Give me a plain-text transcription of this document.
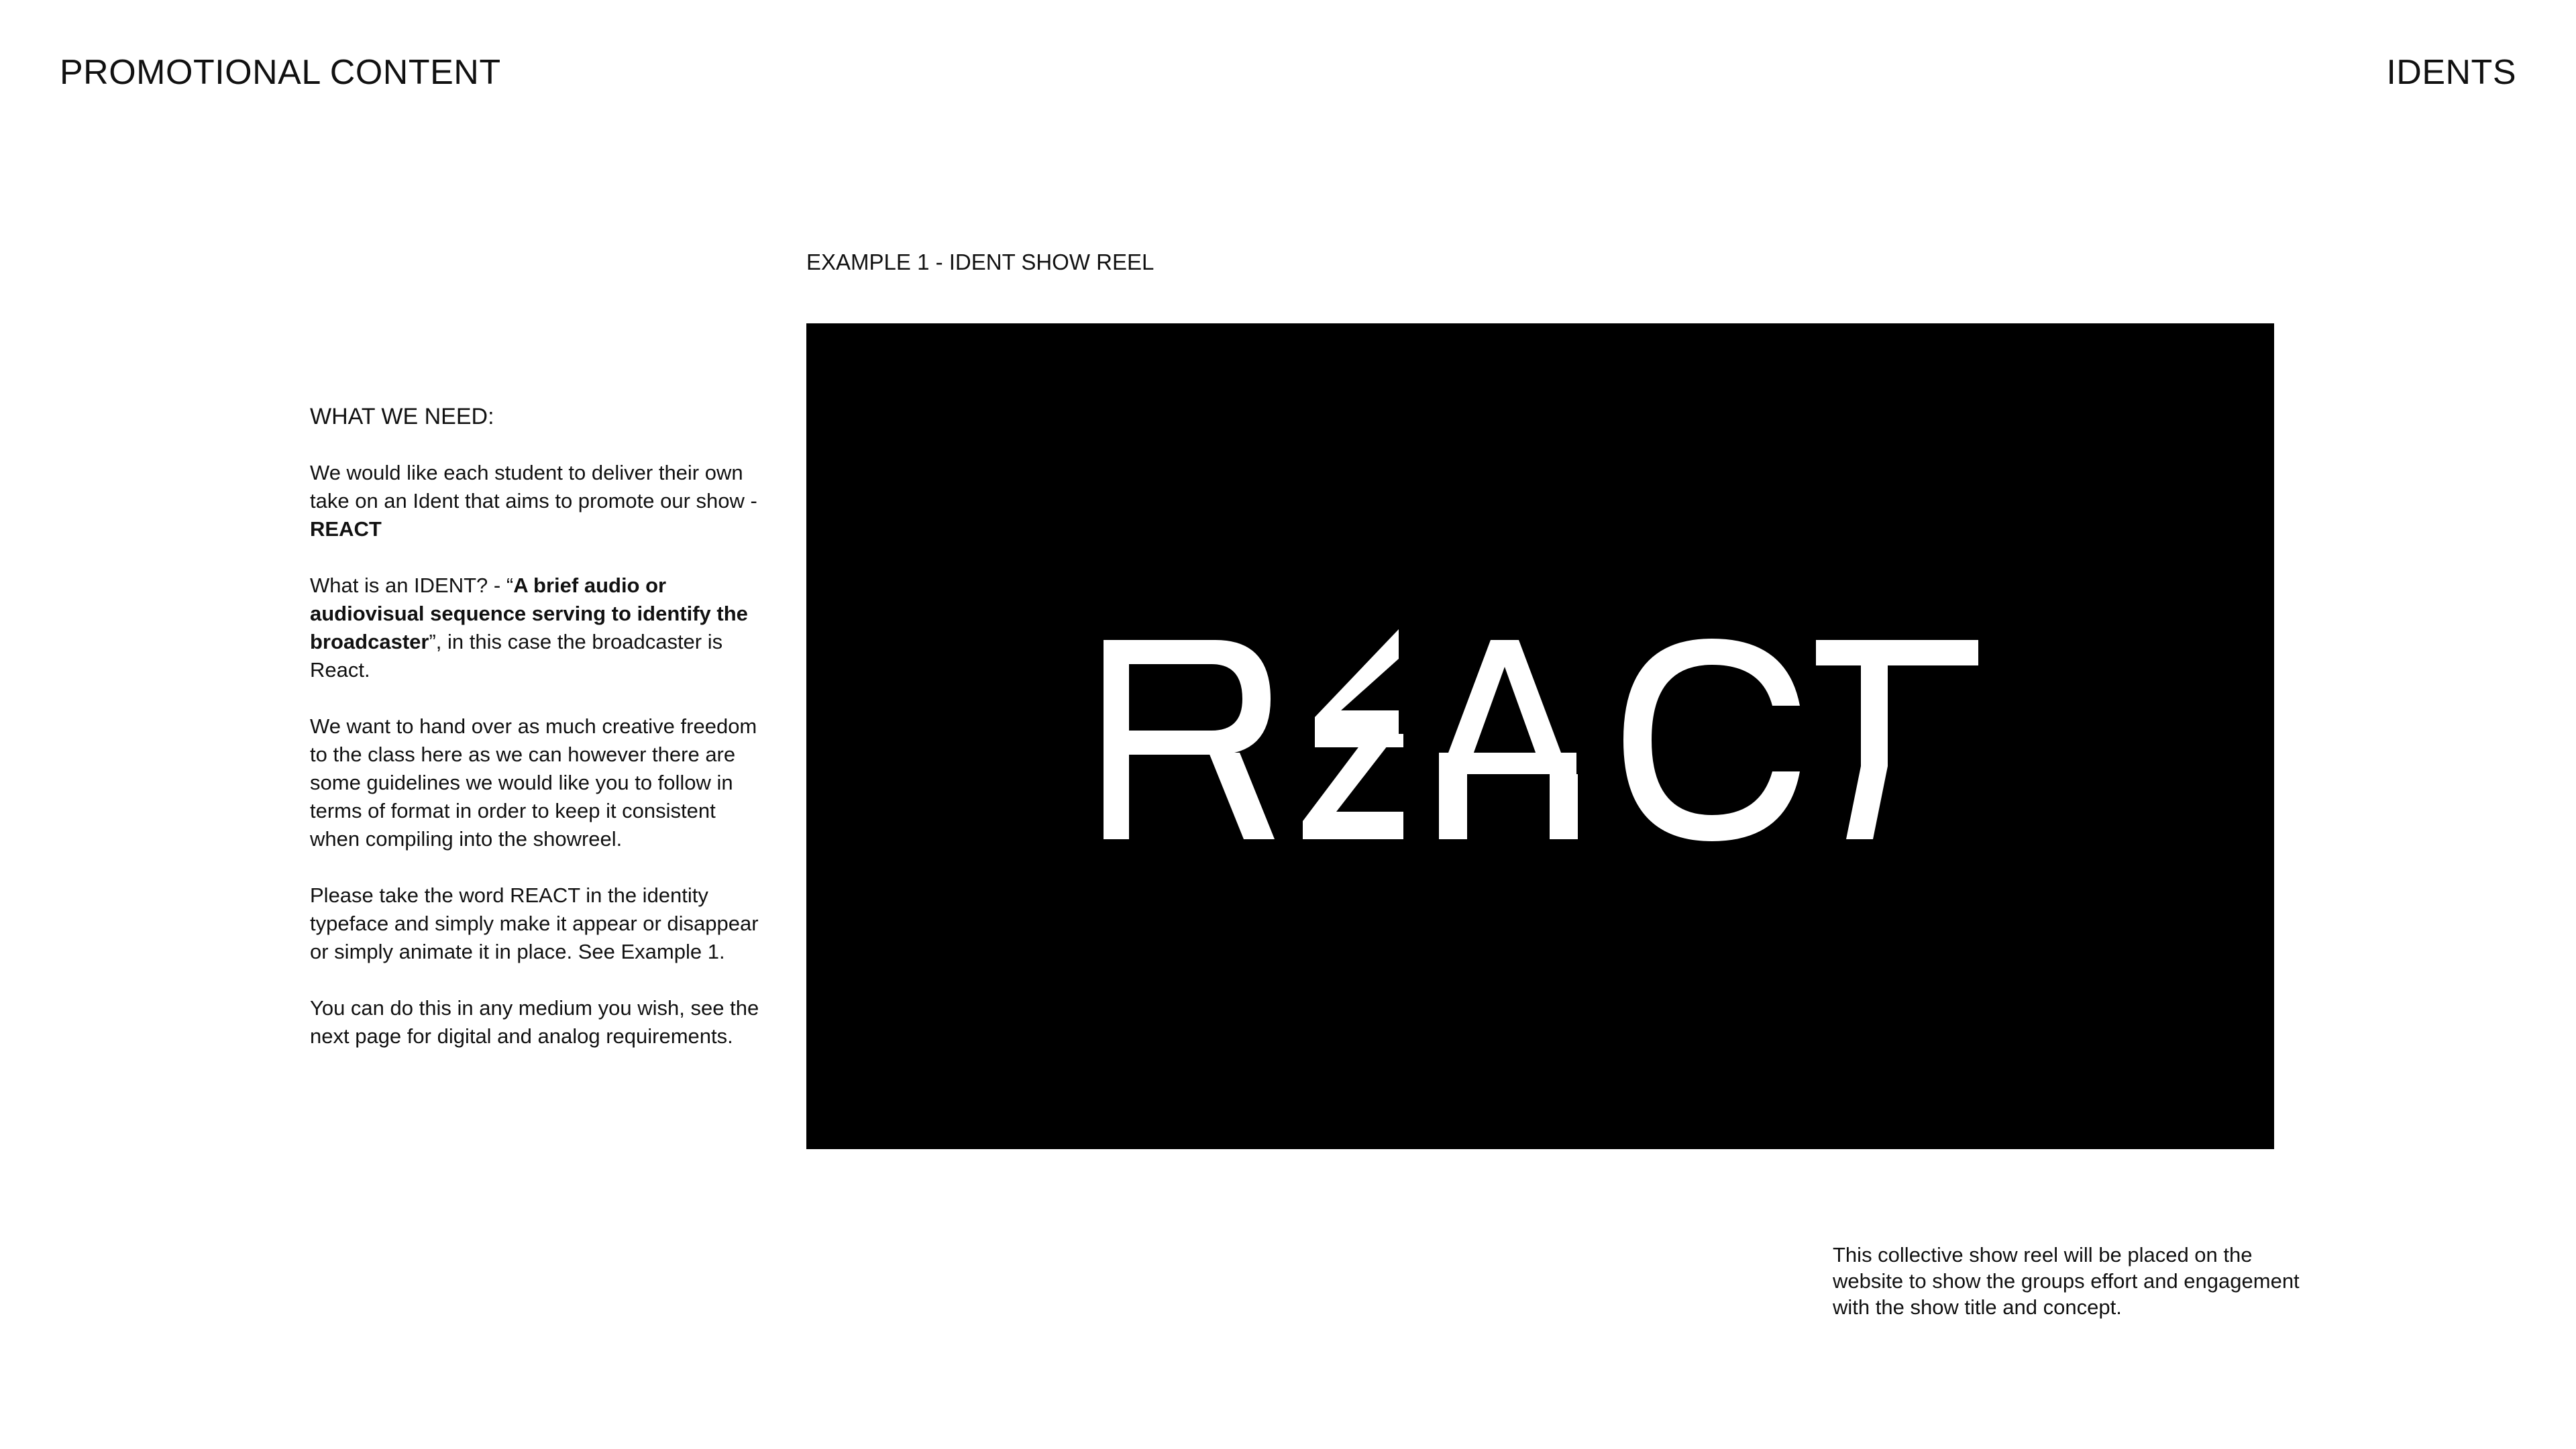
PROMOTIONAL CONTENT	IDENTS
WHAT WE NEED:

We would like each student to deliver their own take on an Ident that aims to promote our show - REACT

What is an IDENT? - “A brief audio or audiovisual sequence serving to identify the broadcaster”, in this case the broadcaster is React.

We want to hand over as much creative freedom to the class here as we can however there are some guidelines we would like you to follow in terms of format in order to keep it consistent when compiling into the showreel.

Please take the word REACT in the identity typeface and simply make it appear or disappear or simply animate it in place. See Example 1.

You can do this in any medium you wish, see the next page for digital and analog requirements.

EXAMPLE 1 - IDENT SHOW REEL
This collective show reel will be placed on the website to show the groups effort and engagement with the show title and concept.
